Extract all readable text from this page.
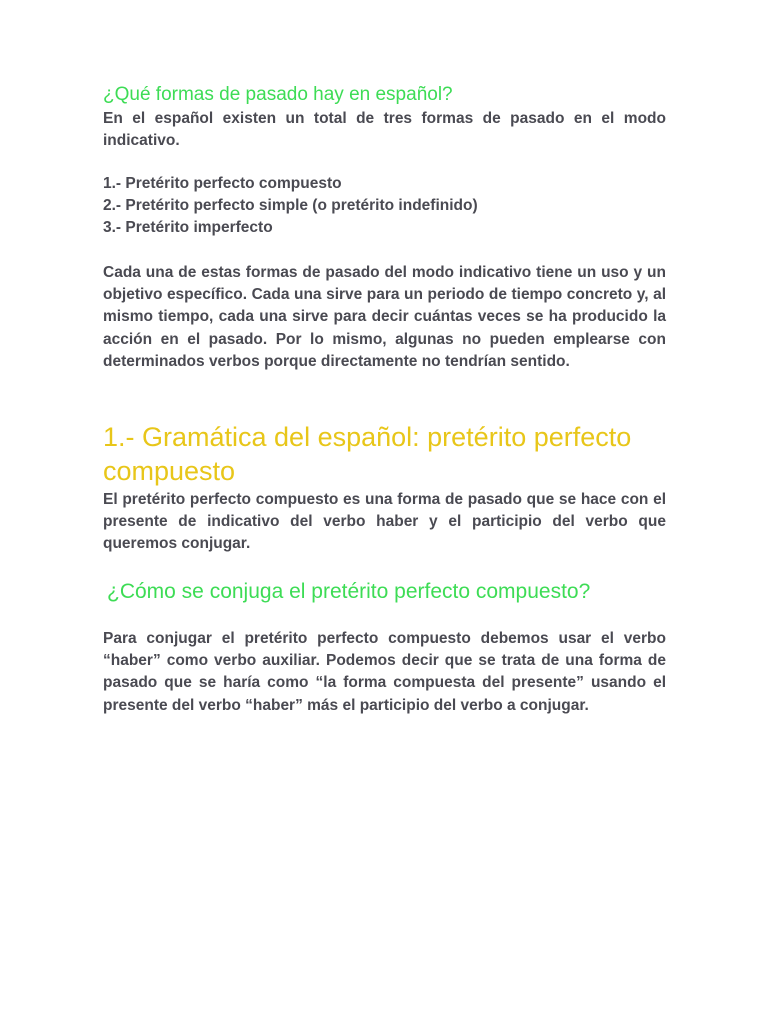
¿Qué formas de pasado hay en español?

En el español existen un total de tres formas de pasado en el modo indicativo.

1.- Pretérito perfecto compuesto
2.- Pretérito perfecto simple (o pretérito indefinido)
3.- Pretérito imperfecto

Cada una de estas formas de pasado del modo indicativo tiene un uso y un objetivo específico. Cada una sirve para un periodo de tiempo concreto y, al mismo tiempo, cada una sirve para decir cuántas veces se ha producido la acción en el pasado. Por lo mismo, algunas no pueden emplearse con determinados verbos porque directamente no tendrían sentido.

1.- Gramática del español: pretérito perfecto compuesto

El pretérito perfecto compuesto es una forma de pasado que se hace con el presente de indicativo del verbo haber y el participio del verbo que queremos conjugar.

¿Cómo se conjuga el pretérito perfecto compuesto?

Para conjugar el pretérito perfecto compuesto debemos usar el verbo “haber” como verbo auxiliar. Podemos decir que se trata de una forma de pasado que se haría como “la forma compuesta del presente” usando el presente del verbo “haber” más el participio del verbo a conjugar.
